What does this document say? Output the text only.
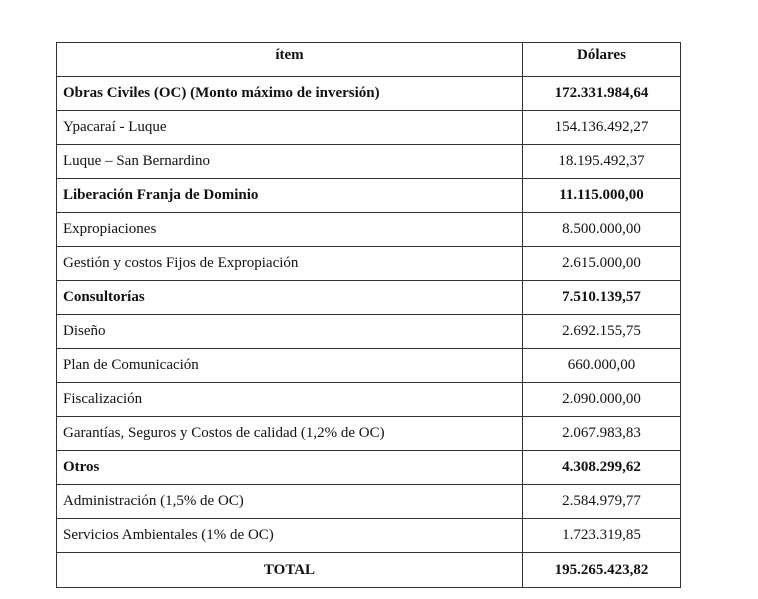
ítem	Dólares
Obras Civiles (OC) (Monto máximo de inversión)	172.331.984,64
Ypacaraí - Luque	154.136.492,27
Luque – San Bernardino	18.195.492,37
Liberación Franja de Dominio	11.115.000,00
Expropiaciones	8.500.000,00
Gestión y costos Fijos de Expropiación	2.615.000,00
Consultorías	7.510.139,57
Diseño	2.692.155,75
Plan de Comunicación	660.000,00
Fiscalización	2.090.000,00
Garantías, Seguros y Costos de calidad (1,2% de OC)	2.067.983,83
Otros	4.308.299,62
Administración (1,5% de OC)	2.584.979,77
Servicios Ambientales (1% de OC)	1.723.319,85
TOTAL	195.265.423,82
